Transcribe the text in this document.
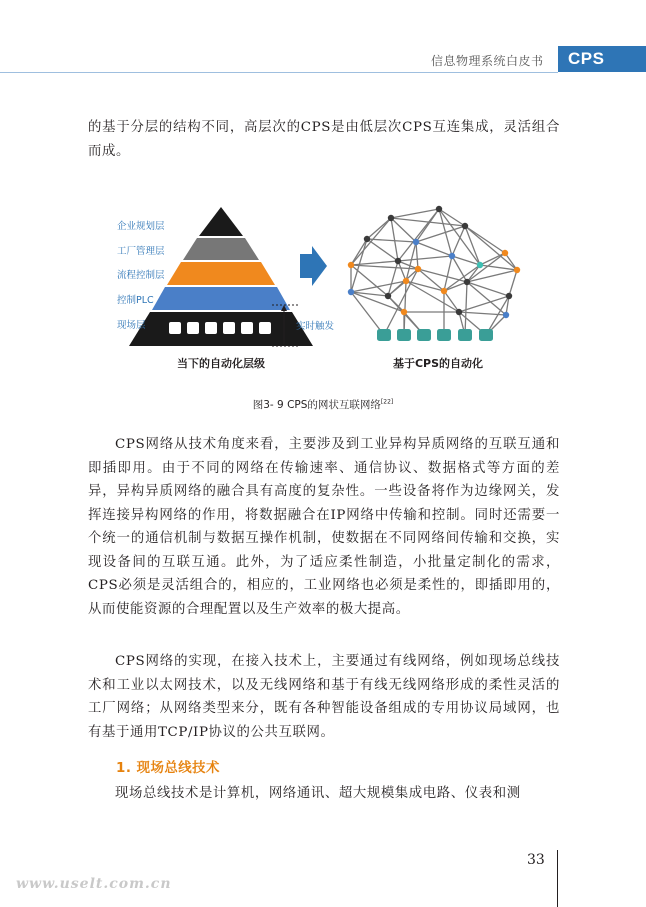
信息物理系统白皮书	CPS

的基于分层的结构不同，高层次的CPS是由低层次CPS互连集成，灵活组合而成。

企业规划层
工厂管理层
流程控制层
控制PLC
现场层	实时触发
当下的自动化层级	基于CPS的自动化
图3- 9 CPS的网状互联网络[22]

CPS网络从技术角度来看，主要涉及到工业异构异质网络的互联互通和即插即用。由于不同的网络在传输速率、通信协议、数据格式等方面的差异，异构异质网络的融合具有高度的复杂性。一些设备将作为边缘网关，发挥连接异构网络的作用，将数据融合在IP网络中传输和控制。同时还需要一个统一的通信机制与数据互操作机制，使数据在不同网络间传输和交换，实现设备间的互联互通。此外，为了适应柔性制造，小批量定制化的需求，CPS必须是灵活组合的，相应的，工业网络也必须是柔性的，即插即用的，从而使能资源的合理配置以及生产效率的极大提高。

CPS网络的实现，在接入技术上，主要通过有线网络，例如现场总线技术和工业以太网技术，以及无线网络和基于有线无线网络形成的柔性灵活的工厂网络；从网络类型来分，既有各种智能设备组成的专用协议局域网，也有基于通用TCP/IP协议的公共互联网。

1. 现场总线技术

现场总线技术是计算机，网络通讯、超大规模集成电路、仪表和测

33
www.uselt.com.cn
